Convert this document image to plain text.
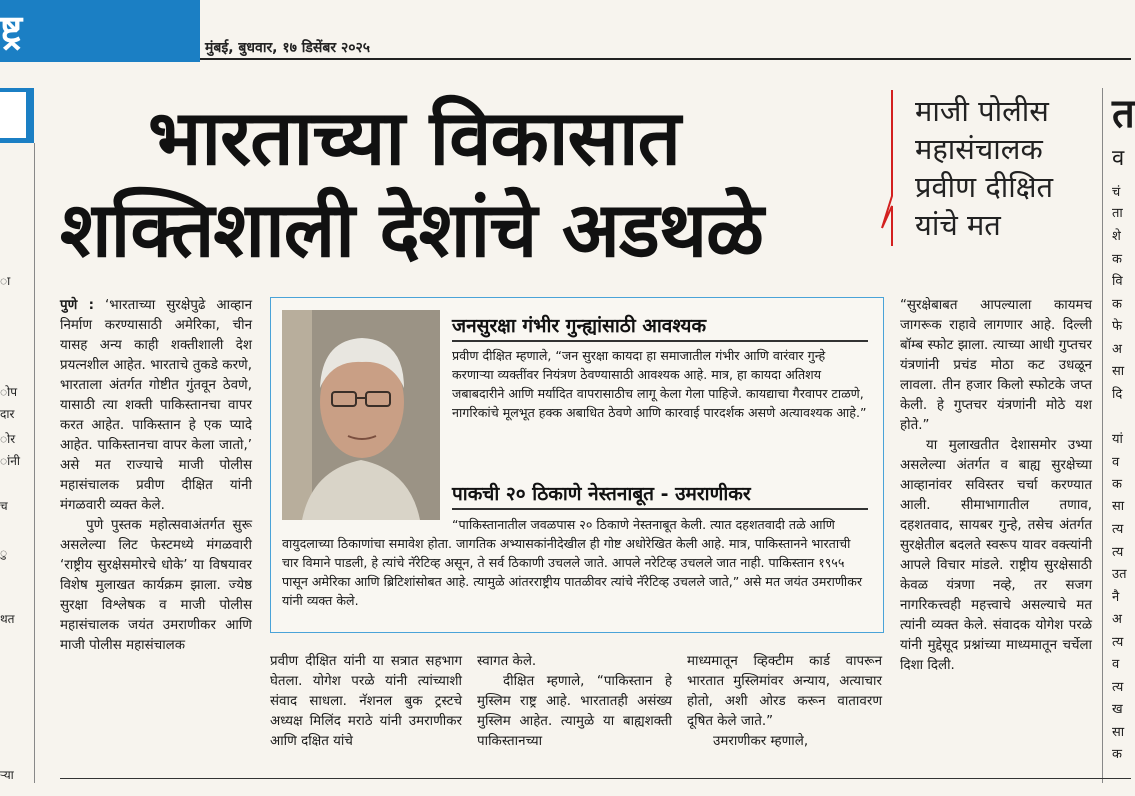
ष्ट्र	मुंबई, बुधवार, १७ डिसेंबर २०२५
ा
ोप
दार
ोर
ांनी
च
ु
थत
र्‍या
भारताच्या विकासात
शक्तिशाली देशांचे अडथळे
माजी पोलीस
महासंचालक
प्रवीण दीक्षित
यांचे मत
त
व
चं
ता
शे
क
वि
क
फे
अ
सा
दि
यां
व
क
सा
त्य
त्य
उत
नै
अ
त्य
व
त्य
ख
सा
क

पुणे : ‘भारताच्या सुरक्षेपुढे आव्हान निर्माण करण्यासाठी अमेरिका, चीन यासह अन्य काही शक्तीशाली देश प्रयत्नशील आहेत. भारताचे तुकडे करणे, भारताला अंतर्गत गोष्टीत गुंतवून ठेवणे, यासाठी त्या शक्ती पाकिस्तानचा वापर करत आहेत. पाकिस्तान हे एक प्यादे आहेत. पाकिस्तानचा वापर केला जातो,’ असे मत राज्याचे माजी पोलीस महासंचालक प्रवीण दीक्षित यांनी मंगळवारी व्यक्त केले.

पुणे पुस्तक महोत्सवाअंतर्गत सुरू असलेल्या लिट फेस्टमध्ये मंगळवारी ‘राष्ट्रीय सुरक्षेसमोरचे धोके’ या विषयावर विशेष मुलाखत कार्यक्रम झाला. ज्येष्ठ सुरक्षा विश्लेषक व माजी पोलीस महासंचालक जयंत उमराणीकर आणि माजी पोलीस महासंचालक

जनसुरक्षा गंभीर गुन्ह्यांसाठी आवश्यक
प्रवीण दीक्षित म्हणाले, “जन सुरक्षा कायदा हा समाजातील गंभीर आणि वारंवार गुन्हे करणाऱ्या व्यक्तींवर नियंत्रण ठेवण्यासाठी आवश्यक आहे. मात्र, हा कायदा अतिशय जबाबदारीने आणि मर्यादित वापरासाठीच लागू केला गेला पाहिजे. कायद्याचा गैरवापर टाळणे, नागरिकांचे मूलभूत हक्क अबाधित ठेवणे आणि कारवाई पारदर्शक असणे अत्यावश्यक आहे.”
पाकची २० ठिकाणे नेस्तनाबूत - उमराणीकर
“पाकिस्तानातील जवळपास २० ठिकाणे नेस्तनाबूत केली. त्यात दहशतवादी तळे आणि वायुदलाच्या ठिकाणांचा समावेश होता. जागतिक अभ्यासकांनीदेखील ही गोष्ट अधोरेखित केली आहे. मात्र, पाकिस्तानने भारताची चार विमाने पाडली, हे त्यांचे नॅरेटिव्ह असून, ते सर्व ठिकाणी उचलले जाते. आपले नरेटिव्ह उचलले जात नाही. पाकिस्तान १९५५ पासून अमेरिका आणि ब्रिटिशांसोबत आहे. त्यामुळे आंतरराष्ट्रीय पातळीवर त्यांचे नॅरेटिव्ह उचलले जाते,” असे मत जयंत उमराणीकर यांनी व्यक्त केले.

प्रवीण दीक्षित यांनी या सत्रात सहभाग घेतला. योगेश परळे यांनी त्यांच्याशी संवाद साधला. नॅशनल बुक ट्रस्टचे अध्यक्ष मिलिंद मराठे यांनी उमराणीकर आणि दक्षित यांचे

स्वागत केले.

दीक्षित म्हणाले, “पाकिस्तान हे मुस्लिम राष्ट्र आहे. भारतातही असंख्य मुस्लिम आहेत. त्यामुळे या बाह्यशक्ती पाकिस्तानच्या

माध्यमातून व्हिक्टीम कार्ड वापरून भारतात मुस्लिमांवर अन्याय, अत्याचार होतो, अशी ओरड करून वातावरण दूषित केले जाते.”

उमराणीकर म्हणाले,

“सुरक्षेबाबत आपल्याला कायमच जागरूक राहावे लागणार आहे. दिल्ली बॉम्ब स्फोट झाला. त्याच्या आधी गुप्तचर यंत्रणांनी प्रचंड मोठा कट उधळून लावला. तीन हजार किलो स्फोटके जप्त केली. हे गुप्तचर यंत्रणांनी मोठे यश होते.”

या मुलाखतीत देशासमोर उभ्या असलेल्या अंतर्गत व बाह्य सुरक्षेच्या आव्हानांवर सविस्तर चर्चा करण्यात आली. सीमाभागातील तणाव, दहशतवाद, सायबर गुन्हे, तसेच अंतर्गत सुरक्षेतील बदलते स्वरूप यावर वक्त्यांनी आपले विचार मांडले. राष्ट्रीय सुरक्षेसाठी केवळ यंत्रणा नव्हे, तर सजग नागरिकत्त्वही महत्त्वाचे असल्याचे मत त्यांनी व्यक्त केले. संवादक योगेश परळे यांनी मुद्देसूद प्रश्नांच्या माध्यमातून चर्चेला दिशा दिली.
